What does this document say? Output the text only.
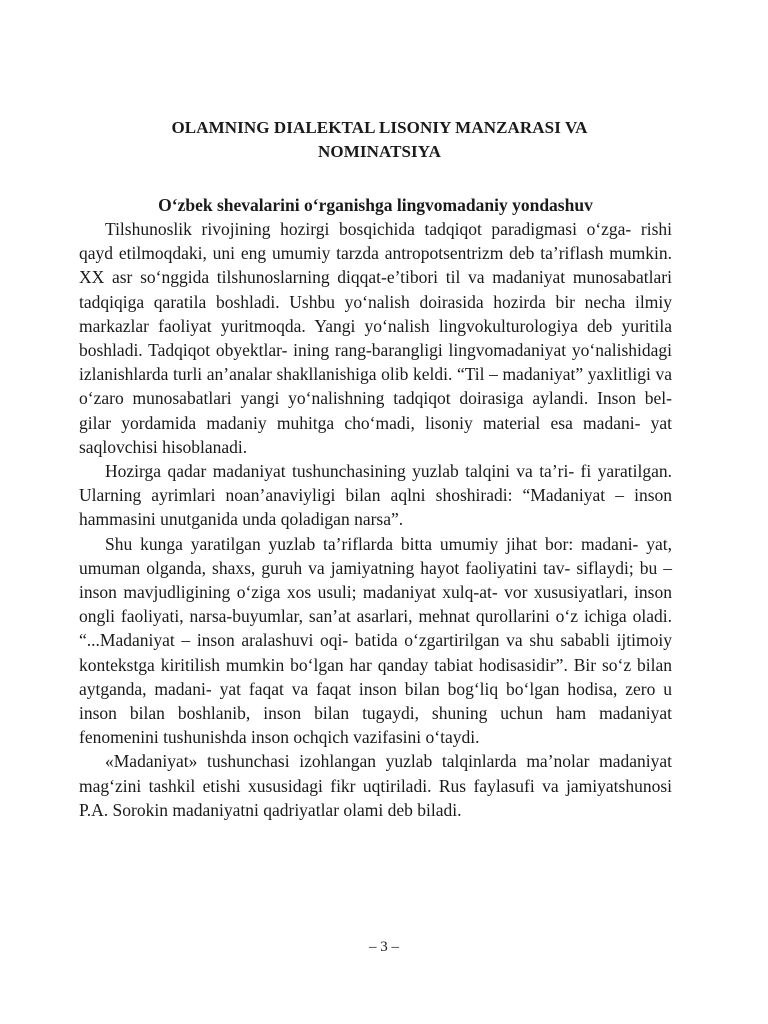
OLAMNING DIALEKTAL LISONIY MANZARASI VA
NOMINATSIYA
O‘zbek shevalarini o‘rganishga lingvomadaniy yondashuv

Tilshunoslik rivojining hozirgi bosqichida tadqiqot paradigmasi o‘zga- rishi qayd etilmoqdaki, uni eng umumiy tarzda antropotsentrizm deb ta’riflash mumkin. XX asr so‘nggida tilshunoslarning diqqat-e’tibori til va madaniyat munosabatlari tadqiqiga qaratila boshladi. Ushbu yo‘nalish doirasida hozirda bir necha ilmiy markazlar faoliyat yuritmoqda. Yangi yo‘nalish lingvokulturologiya deb yuritila boshladi. Tadqiqot obyektlar- ining rang-barangligi lingvomadaniyat yo‘nalishidagi izlanishlarda turli an’analar shakllanishiga olib keldi. “Til – madaniyat” yaxlitligi va o‘zaro munosabatlari yangi yo‘nalishning tadqiqot doirasiga aylandi. Inson bel- gilar yordamida madaniy muhitga cho‘madi, lisoniy material esa madani- yat saqlovchisi hisoblanadi.

Hozirga qadar madaniyat tushunchasining yuzlab talqini va ta’ri- fi yaratilgan. Ularning ayrimlari noan’anaviyligi bilan aqlni shoshiradi: “Madaniyat – inson hammasini unutganida unda qoladigan narsa”.

Shu kunga yaratilgan yuzlab ta’riflarda bitta umumiy jihat bor: madani- yat, umuman olganda, shaxs, guruh va jamiyatning hayot faoliyatini tav- siflaydi; bu – inson mavjudligining o‘ziga xos usuli; madaniyat xulq-at- vor xususiyatlari, inson ongli faoliyati, narsa-buyumlar, san’at asarlari, mehnat qurollarini o‘z ichiga oladi. “...Madaniyat – inson aralashuvi oqi- batida o‘zgartirilgan va shu sababli ijtimoiy kontekstga kiritilish mumkin bo‘lgan har qanday tabiat hodisasidir”. Bir so‘z bilan aytganda, madani- yat faqat va faqat inson bilan bog‘liq bo‘lgan hodisa, zero u inson bilan boshlanib, inson bilan tugaydi, shuning uchun ham madaniyat fenomenini tushunishda inson ochqich vazifasini o‘taydi.

«Madaniyat» tushunchasi izohlangan yuzlab talqinlarda ma’nolar madaniyat mag‘zini tashkil etishi xususidagi fikr uqtiriladi. Rus faylasufi va jamiyatshunosi P.A. Sorokin madaniyatni qadriyatlar olami deb biladi.

– 3 –
